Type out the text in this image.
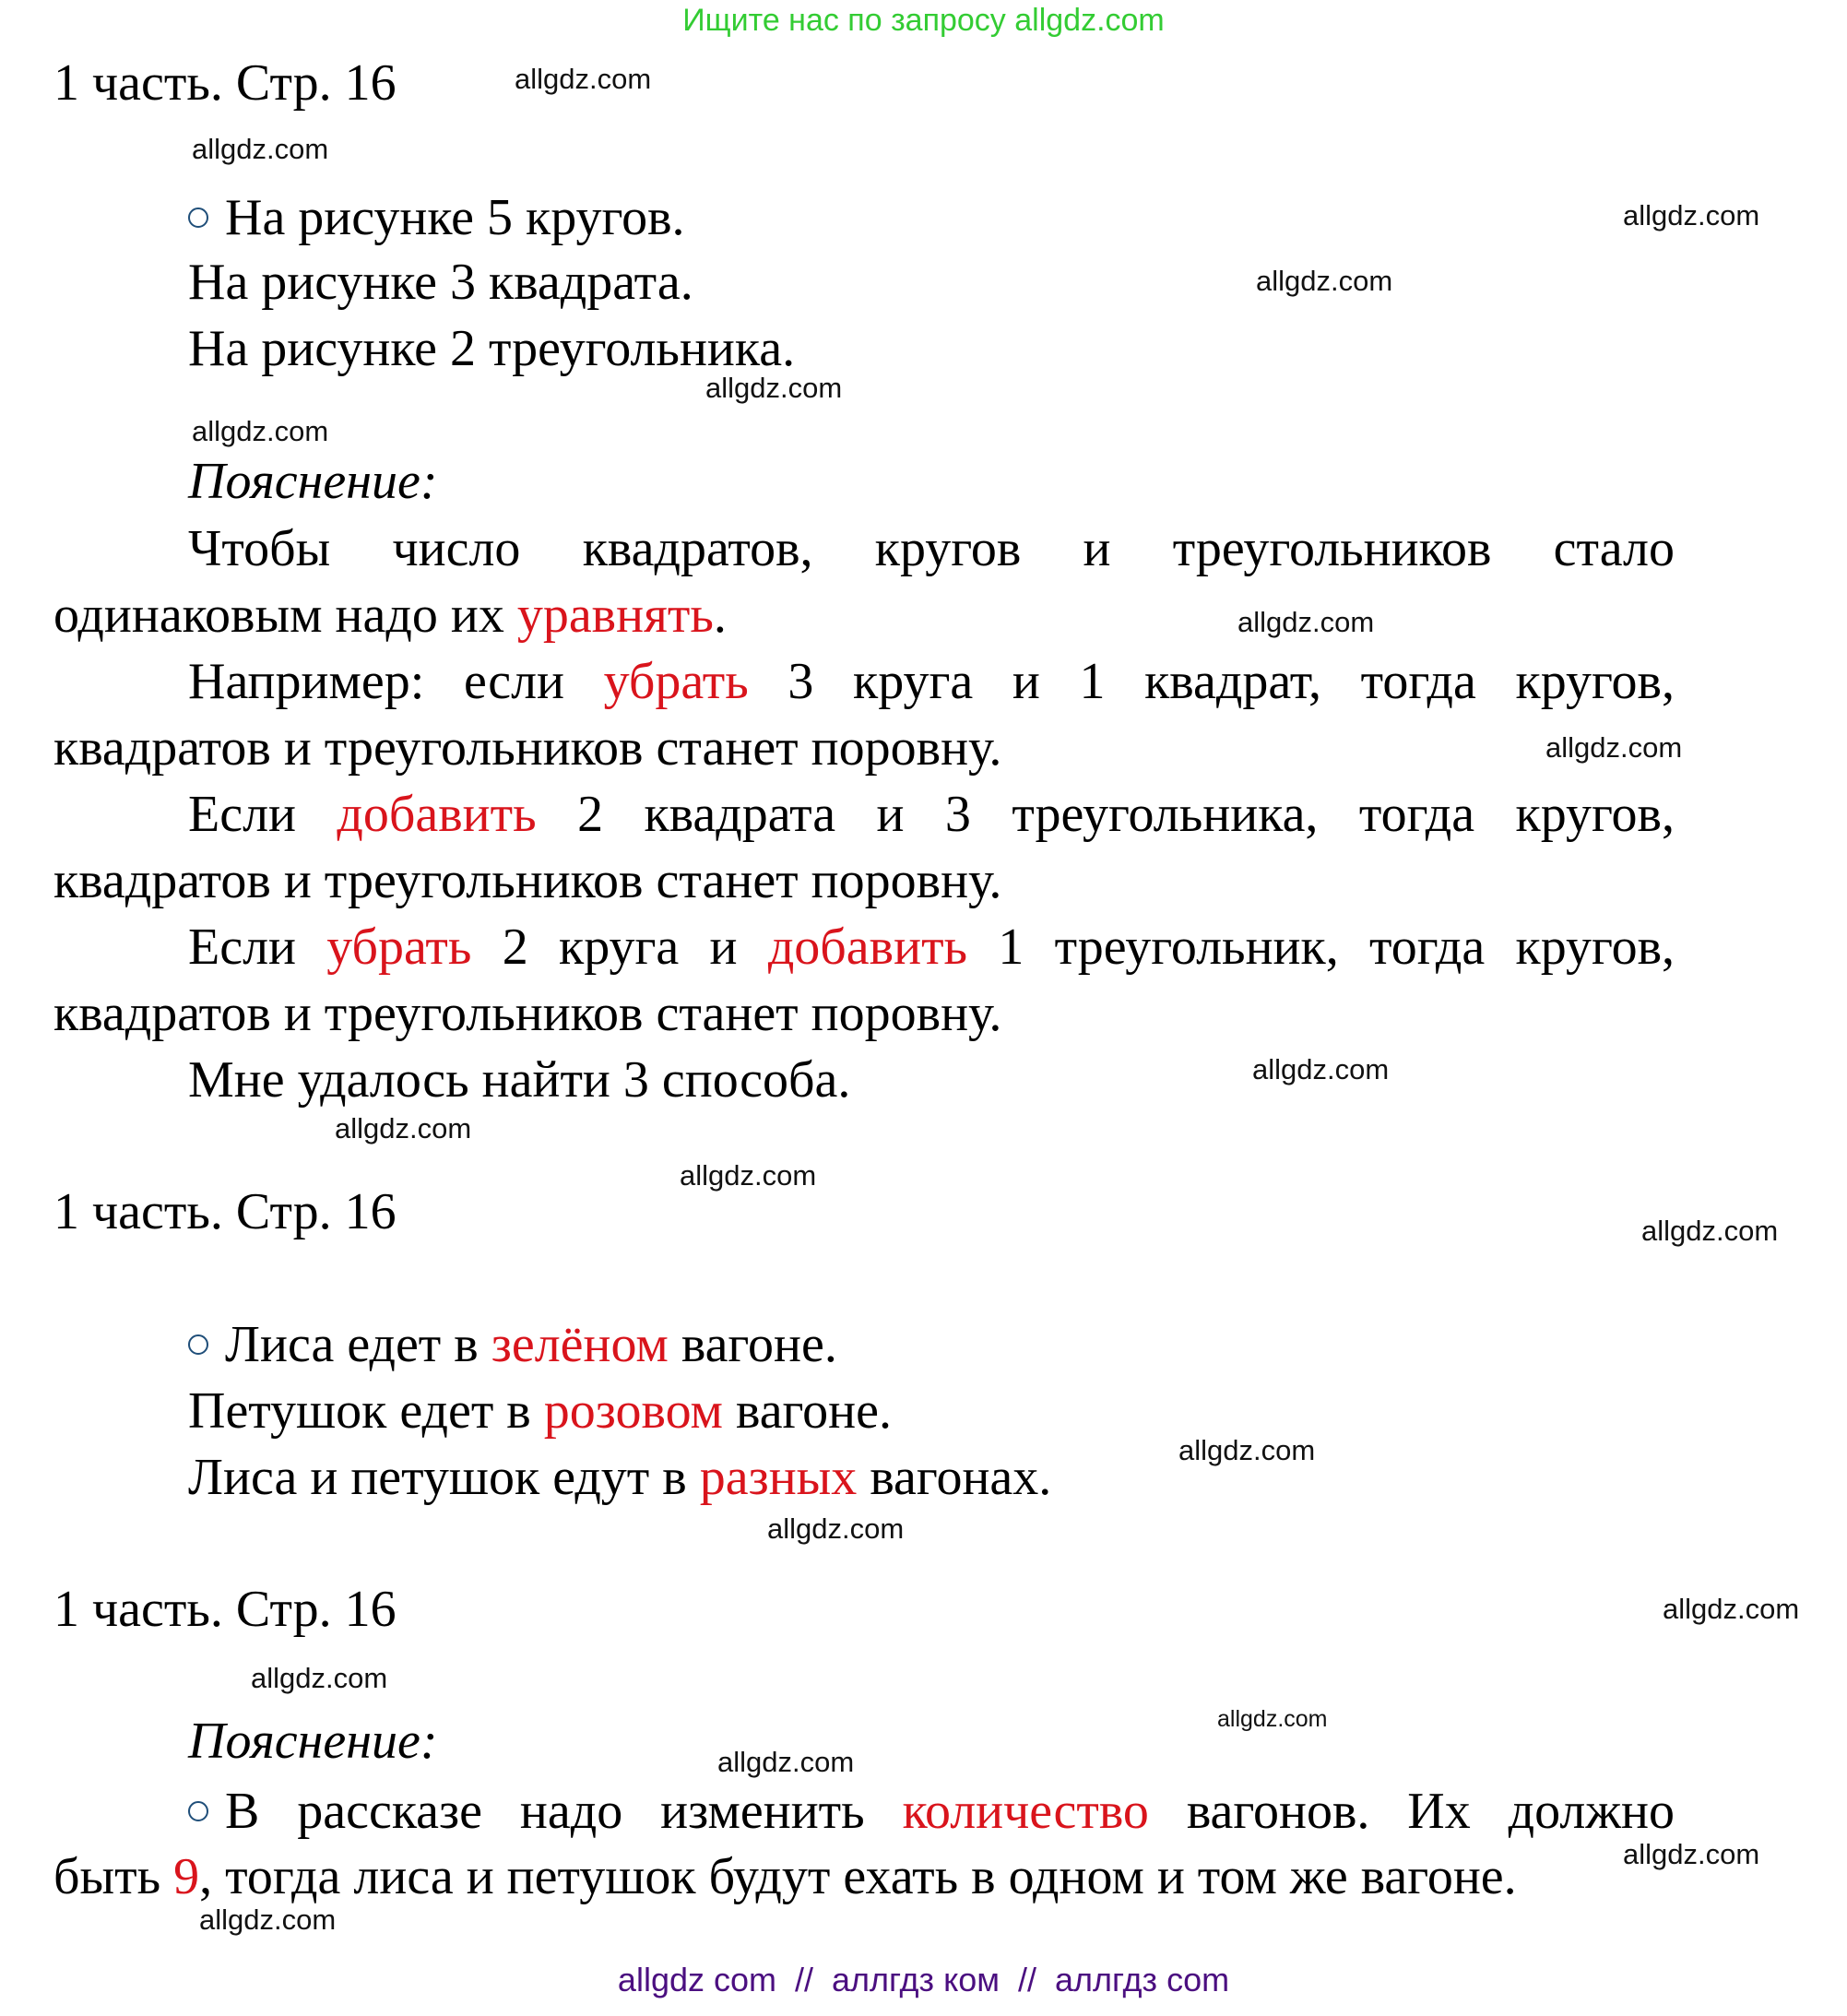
Ищите нас по запросу allgdz.com
1 часть. Стр. 16
На рисунке 5 кругов.
На рисунке 3 квадрата.
На рисунке 2 треугольника.
Пояснение:
Чтобы число квадратов, кругов и треугольников стало
одинаковым надо их уравнять.
Например: если убрать 3 круга и 1 квадрат, тогда кругов,
квадратов и треугольников станет поровну.
Если добавить 2 квадрата и 3 треугольника, тогда кругов,
квадратов и треугольников станет поровну.
Если убрать 2 круга и добавить 1 треугольник, тогда кругов,
квадратов и треугольников станет поровну.
Мне удалось найти 3 способа.
1 часть. Стр. 16
Лиса едет в зелёном вагоне.
Петушок едет в розовом вагоне.
Лиса и петушок едут в разных вагонах.
1 часть. Стр. 16
Пояснение:
В рассказе надо изменить количество вагонов. Их должно
быть 9, тогда лиса и петушок будут ехать в одном и том же вагоне.
allgdz.com
allgdz.com
allgdz.com
allgdz.com
allgdz.com
allgdz.com
allgdz.com
allgdz.com
allgdz.com
allgdz.com
allgdz.com
allgdz.com
allgdz.com
allgdz.com
allgdz.com
allgdz.com
allgdz.com
allgdz.com
allgdz.com
allgdz.com
allgdz com  //  аллгдз ком  //  аллгдз com
